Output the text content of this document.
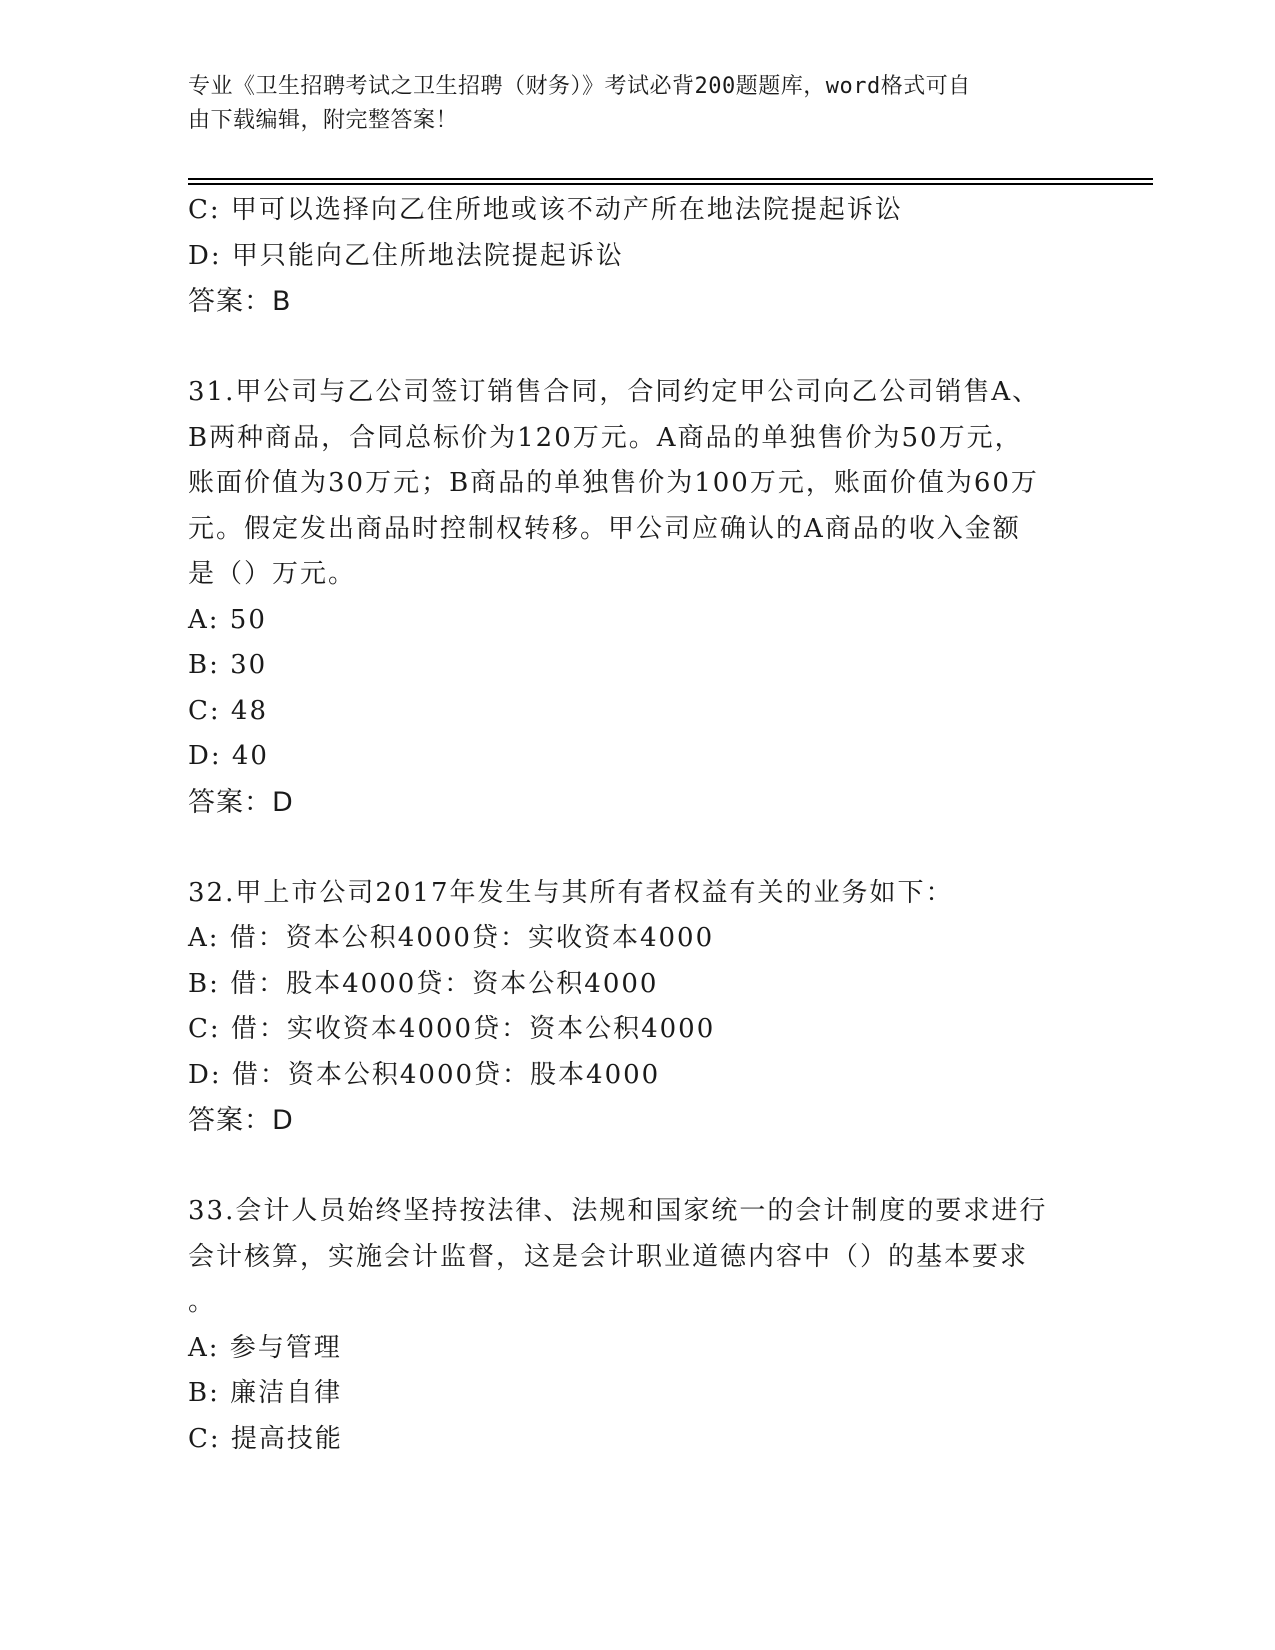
专业《卫生招聘考试之卫生招聘（财务）》考试必背200题题库，word格式可自
由下载编辑，附完整答案！
C: 甲可以选择向乙住所地或该不动产所在地法院提起诉讼
D: 甲只能向乙住所地法院提起诉讼
答案：B
31.甲公司与乙公司签订销售合同，合同约定甲公司向乙公司销售A、
B两种商品，合同总标价为120万元。A商品的单独售价为50万元，
账面价值为30万元；B商品的单独售价为100万元，账面价值为60万
元。假定发出商品时控制权转移。甲公司应确认的A商品的收入金额
是（）万元。
A: 50
B: 30
C: 48
D: 40
答案：D
32.甲上市公司2017年发生与其所有者权益有关的业务如下：
A: 借：资本公积4000贷：实收资本4000
B: 借：股本4000贷：资本公积4000
C: 借：实收资本4000贷：资本公积4000
D: 借：资本公积4000贷：股本4000
答案：D
33.会计人员始终坚持按法律、法规和国家统一的会计制度的要求进行
会计核算，实施会计监督，这是会计职业道德内容中（）的基本要求
。
A: 参与管理
B: 廉洁自律
C: 提高技能
